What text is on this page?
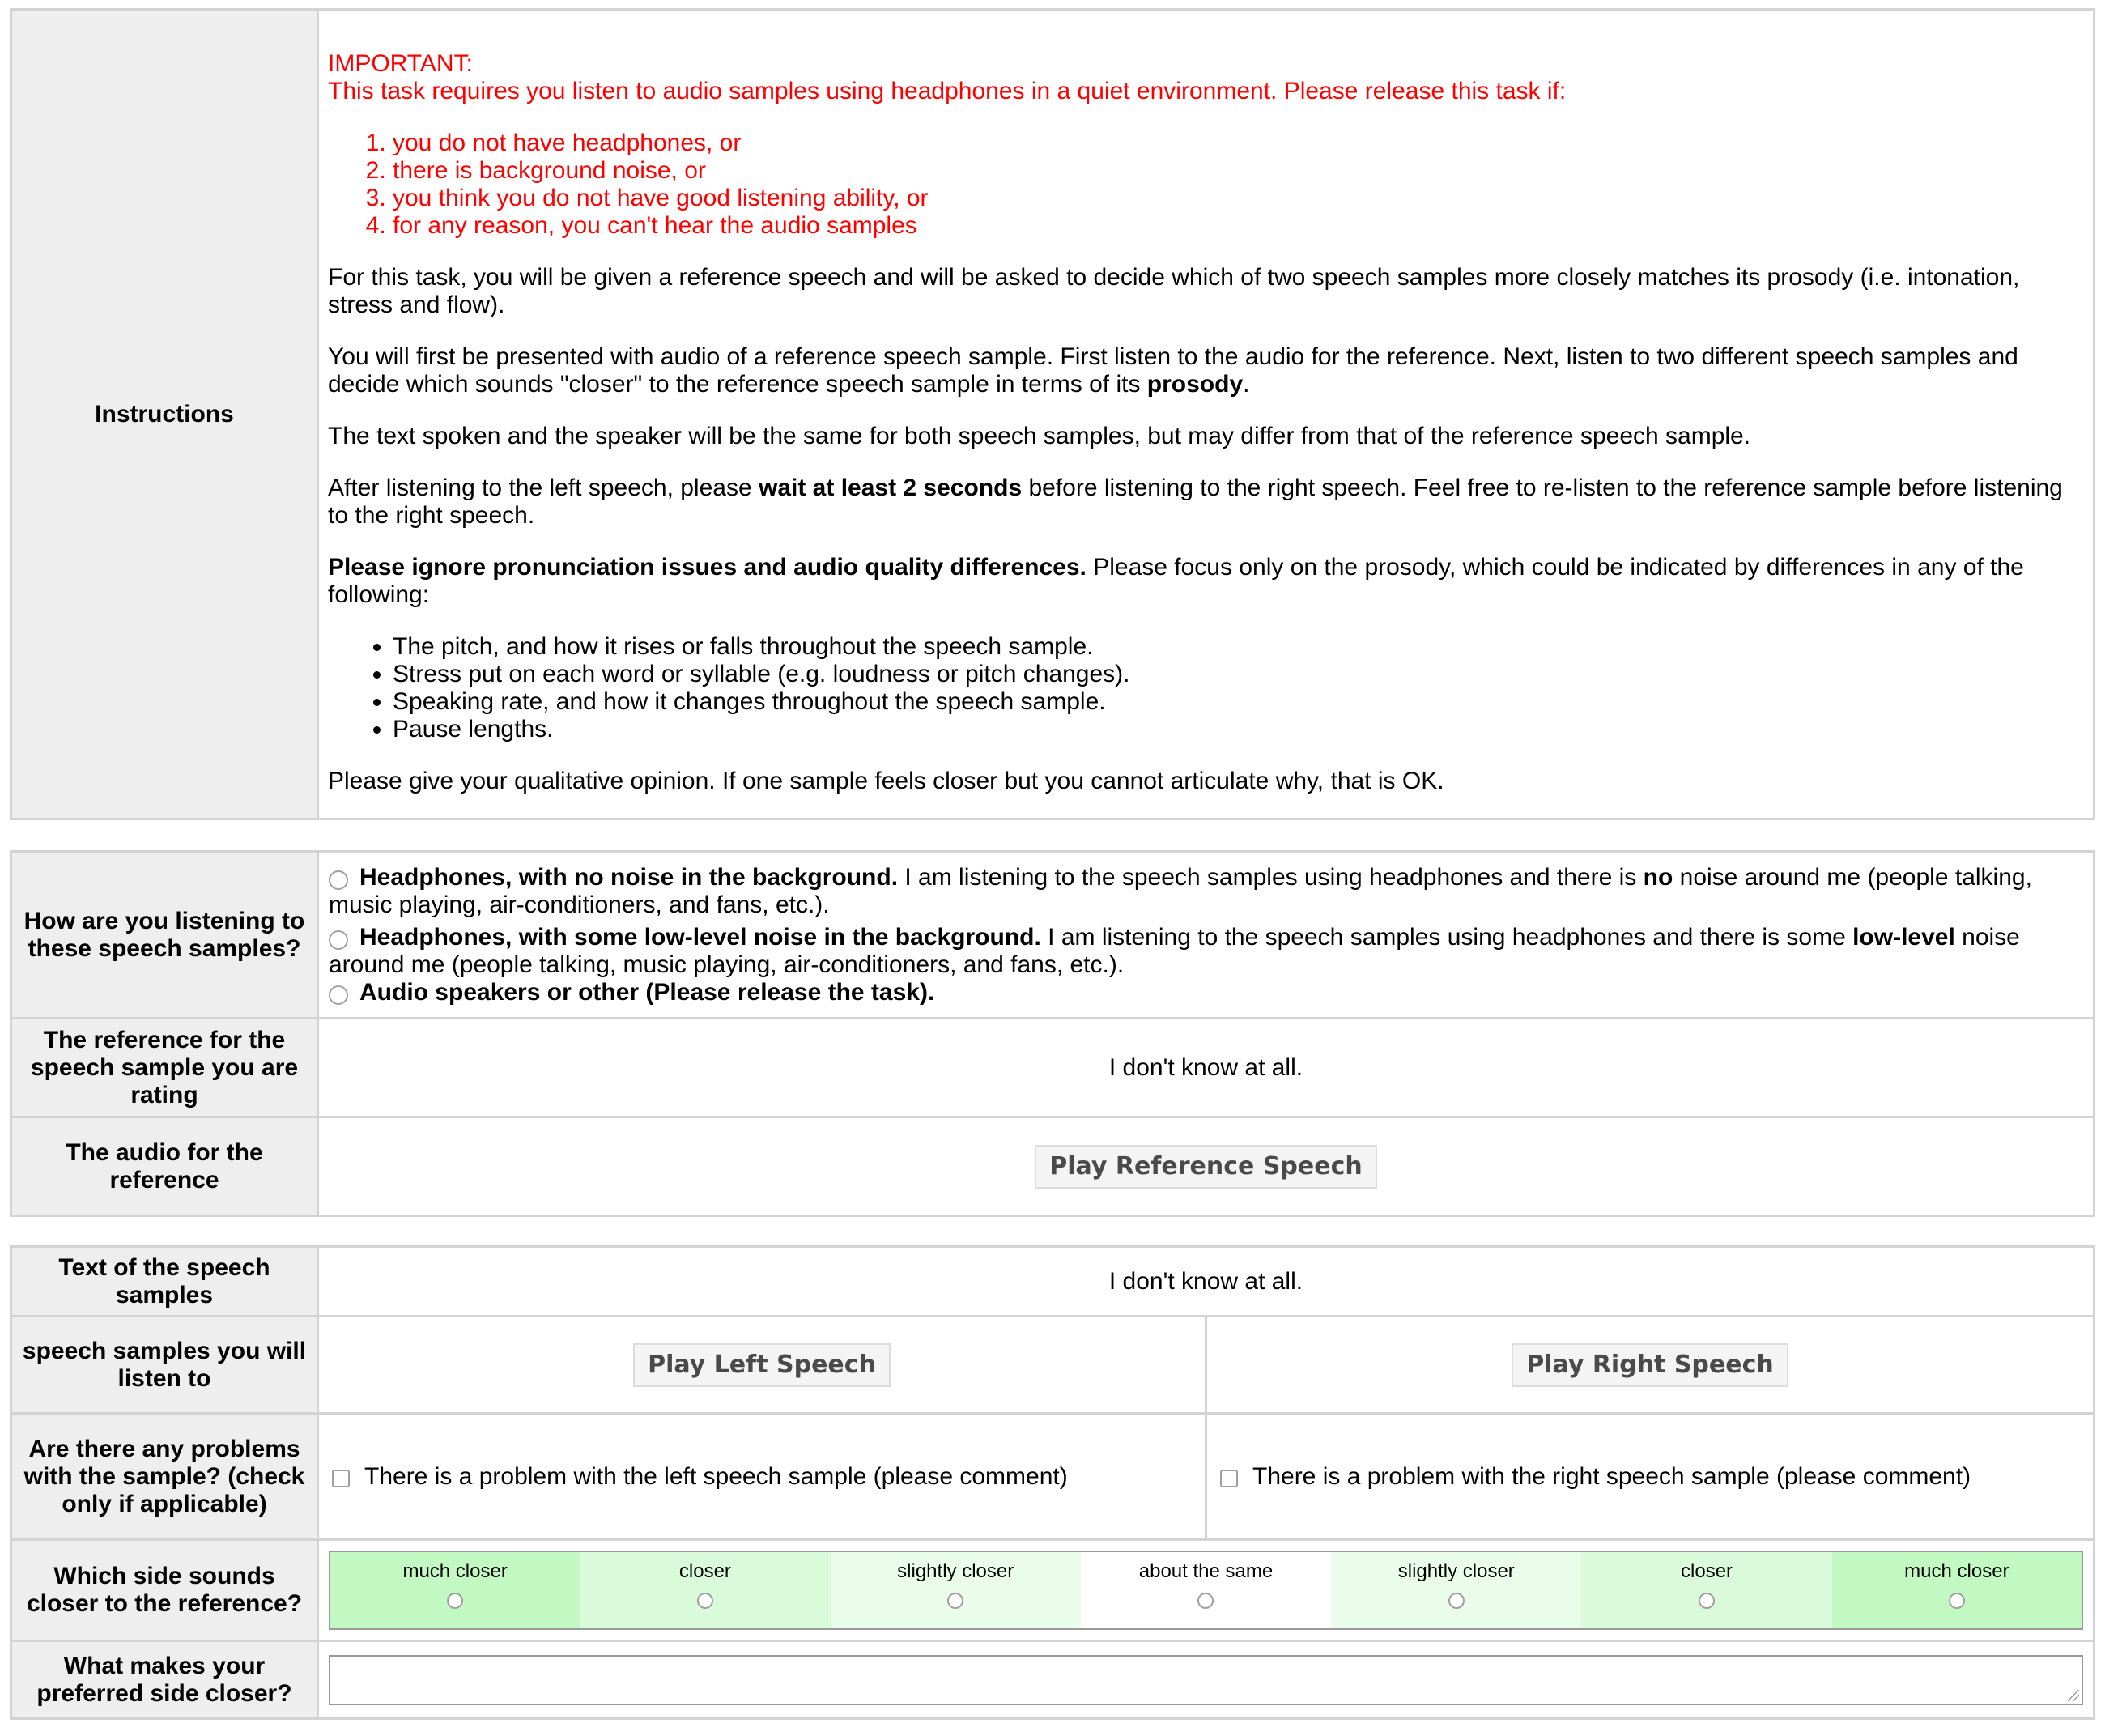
Instructions	
IMPORTANT:

This task requires you listen to audio samples using headphones in a quiet environment. Please release this task if:

1. you do not have headphones, or
2. there is background noise, or
3. you think you do not have good listening ability, or
4. for any reason, you can't hear the audio samples

For this task, you will be given a reference speech and will be asked to decide which of two speech samples more closely matches its prosody (i.e. intonation, stress and flow).

You will first be presented with audio of a reference speech sample. First listen to the audio for the reference. Next, listen to two different speech samples and decide which sounds "closer" to the reference speech sample in terms of its prosody.

The text spoken and the speaker will be the same for both speech samples, but may differ from that of the reference speech sample.

After listening to the left speech, please wait at least 2 seconds before listening to the right speech. Feel free to re-listen to the reference sample before listening to the right speech.

Please ignore pronunciation issues and audio quality differences. Please focus only on the prosody, which could be indicated by differences in any of the following:

• The pitch, and how it rises or falls throughout the speech sample.
• Stress put on each word or syllable (e.g. loudness or pitch changes).
• Speaking rate, and how it changes throughout the speech sample.
• Pause lengths.

Please give your qualitative opinion. If one sample feels closer but you cannot articulate why, that is OK.

How are you listening to these speech samples?	Headphones, with no noise in the background. I am listening to the speech samples using headphones and there is no noise around me (people talking, music playing, air-conditioners, and fans, etc.).
Headphones, with some low-level noise in the background. I am listening to the speech samples using headphones and there is some low-level noise around me (people talking, music playing, air-conditioners, and fans, etc.).
Audio speakers or other (Please release the task).

The reference for the speech sample you are rating	I don't know at all.
The audio for the reference	Play Reference Speech
Text of the speech samples	I don't know at all.
speech samples you will listen to	Play Left Speech	Play Right Speech
Are there any problems with the sample? (check only if applicable)	There is a problem with the left speech sample (please comment)	There is a problem with the right speech sample (please comment)
Which side sounds closer to the reference?	
much closer	closer	slightly closer	about the same	slightly closer	closer	much closer

What makes your preferred side closer?	
